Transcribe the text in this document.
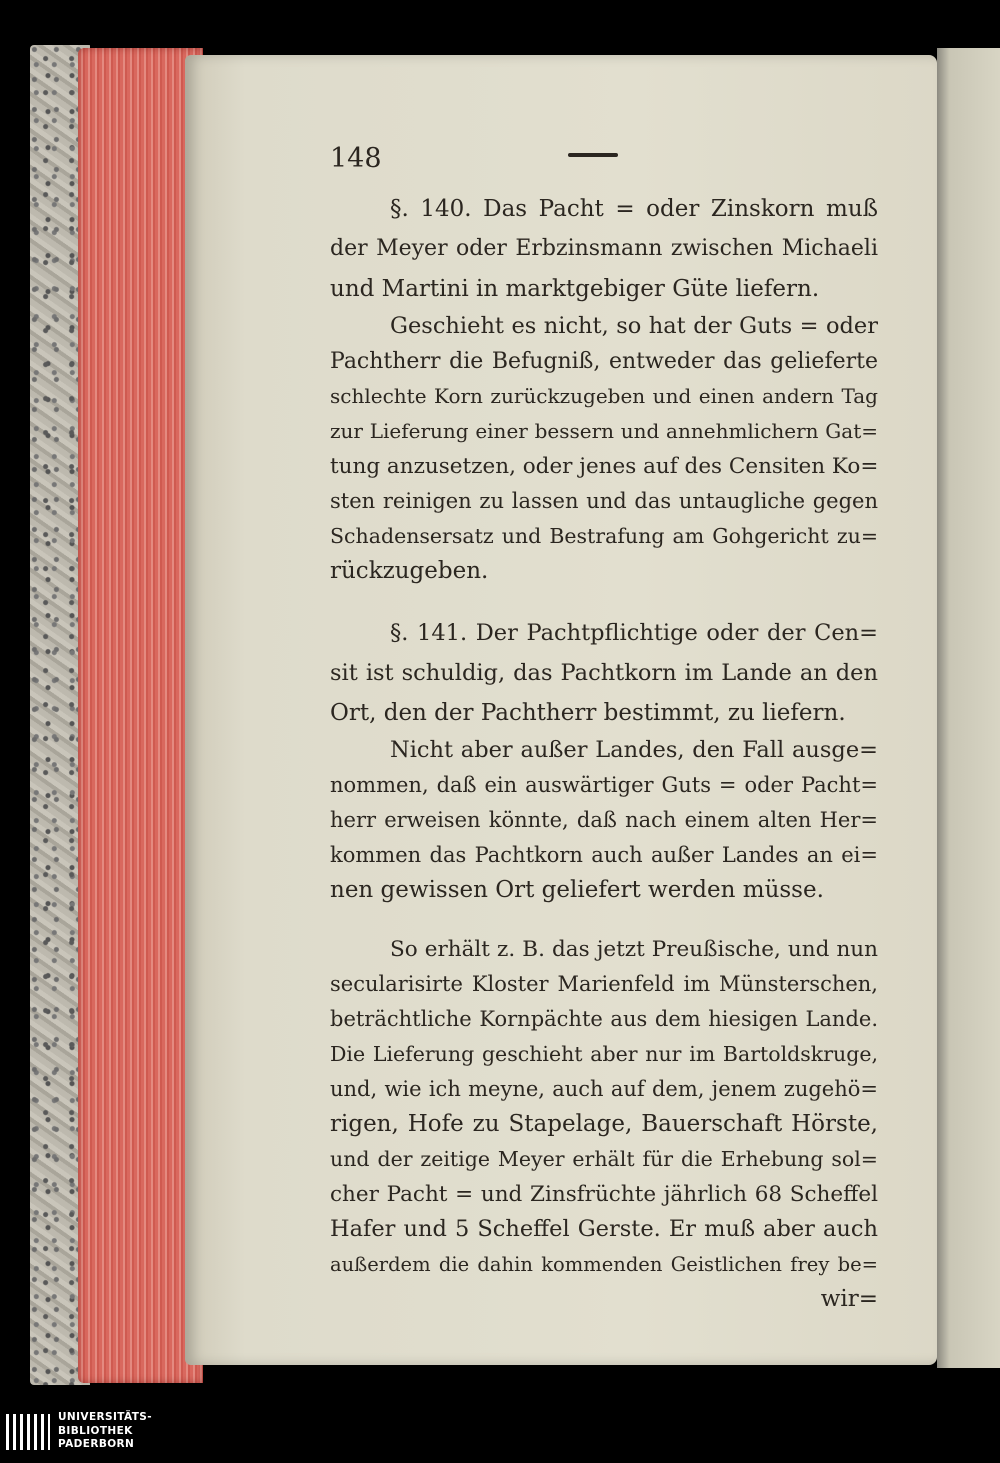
148
§. 140. Das Pacht = oder Zinskorn muß
der Meyer oder Erbzinsmann zwischen Michaeli
und Martini in marktgebiger Güte liefern.
Geschieht es nicht, so hat der Guts = oder
Pachtherr die Befugniß, entweder das gelieferte
schlechte Korn zurückzugeben und einen andern Tag
zur Lieferung einer bessern und annehmlichern Gat=
tung anzusetzen, oder jenes auf des Censiten Ko=
sten reinigen zu lassen und das untaugliche gegen
Schadensersatz und Bestrafung am Gohgericht zu=
rückzugeben.
§. 141. Der Pachtpflichtige oder der Cen=
sit ist schuldig, das Pachtkorn im Lande an den
Ort, den der Pachtherr bestimmt, zu liefern.
Nicht aber außer Landes, den Fall ausge=
nommen, daß ein auswärtiger Guts = oder Pacht=
herr erweisen könnte, daß nach einem alten Her=
kommen das Pachtkorn auch außer Landes an ei=
nen gewissen Ort geliefert werden müsse.
So erhält z. B. das jetzt Preußische, und nun
secularisirte Kloster Marienfeld im Münsterschen,
beträchtliche Kornpächte aus dem hiesigen Lande.
Die Lieferung geschieht aber nur im Bartoldskruge,
und, wie ich meyne, auch auf dem, jenem zugehö=
rigen, Hofe zu Stapelage, Bauerschaft Hörste,
und der zeitige Meyer erhält für die Erhebung sol=
cher Pacht = und Zinsfrüchte jährlich 68 Scheffel
Hafer und 5 Scheffel Gerste. Er muß aber auch
außerdem die dahin kommenden Geistlichen frey be=
wir=
UNIVERSITÄTS-
BIBLIOTHEK
PADERBORN
